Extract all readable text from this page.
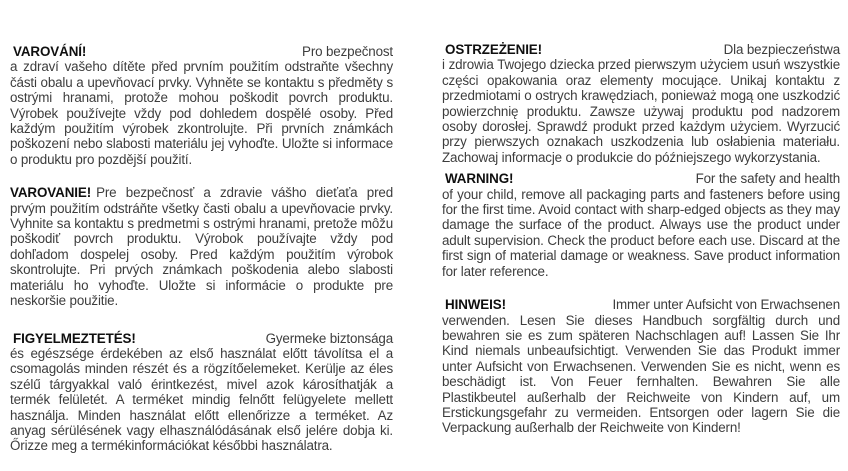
VAROVÁNÍ!	Pro bezpečnost

a zdraví vašeho dítěte před prvním použitím odstraňte všechny části obalu a upevňovací prvky. Vyhněte se kontaktu s předměty s ostrými hranami, protože mohou poškodit povrch produktu. Výrobek používejte vždy pod dohledem dospělé osoby. Před každým použitím výrobek zkontrolujte. Při prvních známkách poškození nebo slabosti materiálu jej vyhoďte. Uložte si informace o produktu pro pozdější použití.

VAROVANIE! Pre bezpečnosť a zdravie vášho dieťaťa pred prvým použitím odstráňte všetky časti obalu a upevňovacie prvky. Vyhnite sa kontaktu s predmetmi s ostrými hranami, pretože môžu poškodiť povrch produktu. Výrobok používajte vždy pod dohľadom dospelej osoby. Pred každým použitím výrobok skontrolujte. Pri prvých známkach poškodenia alebo slabosti materiálu ho vyhoďte. Uložte si informácie o produkte pre neskoršie použitie.

FIGYELMEZTETÉS!	Gyermeke biztonsága

és egészsége érdekében az első használat előtt távolítsa el a csomagolás minden részét és a rögzítőelemeket. Kerülje az éles szélű tárgyakkal való érintkezést, mivel azok károsíthatják a termék felületét. A terméket mindig felnőtt felügyelete mellett használja. Minden használat előtt ellenőrizze a terméket. Az anyag sérülésének vagy elhasználódásának első jelére dobja ki. Őrizze meg a termékinformációkat későbbi használatra.

OSTRZEŻENIE!	Dla bezpieczeństwa

i zdrowia Twojego dziecka przed pierwszym użyciem usuń wszystkie części opakowania oraz elementy mocujące. Unikaj kontaktu z przedmiotami o ostrych krawędziach, ponieważ mogą one uszkodzić powierzchnię produktu. Zawsze używaj produktu pod nadzorem osoby dorosłej. Sprawdź produkt przed każdym użyciem. Wyrzucić przy pierwszych oznakach uszkodzenia lub osłabienia materiału. Zachowaj informacje o produkcie do późniejszego wykorzystania.

WARNING!	For the safety and health

of your child, remove all packaging parts and fasteners before using for the first time. Avoid contact with sharp-edged objects as they may damage the surface of the product. Always use the product under adult supervision. Check the product before each use. Discard at the first sign of material damage or weakness. Save product information for later reference.

HINWEIS!	Immer unter Aufsicht von Erwachsenen

verwenden. Lesen Sie dieses Handbuch sorgfältig durch und bewahren sie es zum späteren Nachschlagen auf! Lassen Sie Ihr Kind niemals unbeaufsichtigt. Verwenden Sie das Produkt immer unter Aufsicht von Erwachsenen. Verwenden Sie es nicht, wenn es beschädigt ist. Von Feuer fernhalten. Bewahren Sie alle Plastikbeutel außerhalb der Reichweite von Kindern auf, um Erstickungsgefahr zu vermeiden. Entsorgen oder lagern Sie die Verpackung außerhalb der Reichweite von Kindern!
